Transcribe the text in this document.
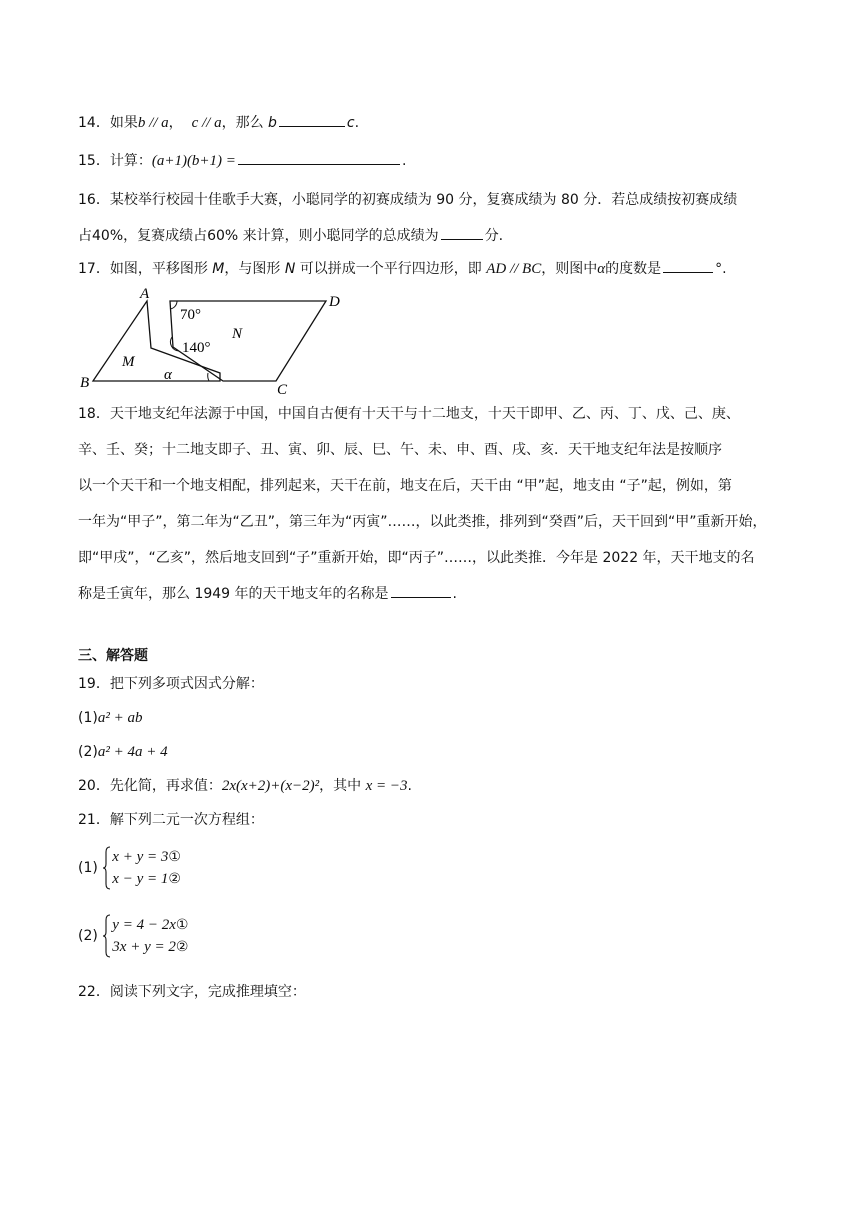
14．如果b // a， c // a，那么 b	c.
15．计算：(a+1)(b+1) =	.
16．某校举行校园十佳歌手大赛，小聪同学的初赛成绩为 90 分，复赛成绩为 80 分．若总成绩按初赛成绩
占40%，复赛成绩占60% 来计算，则小聪同学的总成绩为	分.
17．如图，平移图形 M，与图形 N 可以拼成一个平行四边形，即 AD // BC，则图中α的度数是	°.
A
B	C
D
M
N
α
70°
140°
18．天干地支纪年法源于中国，中国自古便有十天干与十二地支，十天干即甲、乙、丙、丁、戊、己、庚、
辛、壬、癸；十二地支即子、丑、寅、卯、辰、巳、午、未、申、酉、戌、亥．天干地支纪年法是按顺序
以一个天干和一个地支相配，排列起来，天干在前，地支在后，天干由 “甲”起，地支由 “子”起，例如，第
一年为“甲子”，第二年为“乙丑”，第三年为“丙寅”……，以此类推，排列到“癸酉”后，天干回到“甲”重新开始，
即“甲戌”，“乙亥”，然后地支回到“子”重新开始，即“丙子”……，以此类推．今年是 2022 年，天干地支的名
称是壬寅年，那么 1949 年的天干地支年的名称是	.
三、解答题
19．把下列多项式因式分解：
(1)a² + ab
(2)a² + 4a + 4
20．先化简，再求值：2x(x+2)+(x−2)²，其中 x = −3.
21．解下列二元一次方程组：
(1)
x + y = 3①
x − y = 1②
(2)
y = 4 − 2x①
3x + y = 2②
22．阅读下列文字，完成推理填空：
